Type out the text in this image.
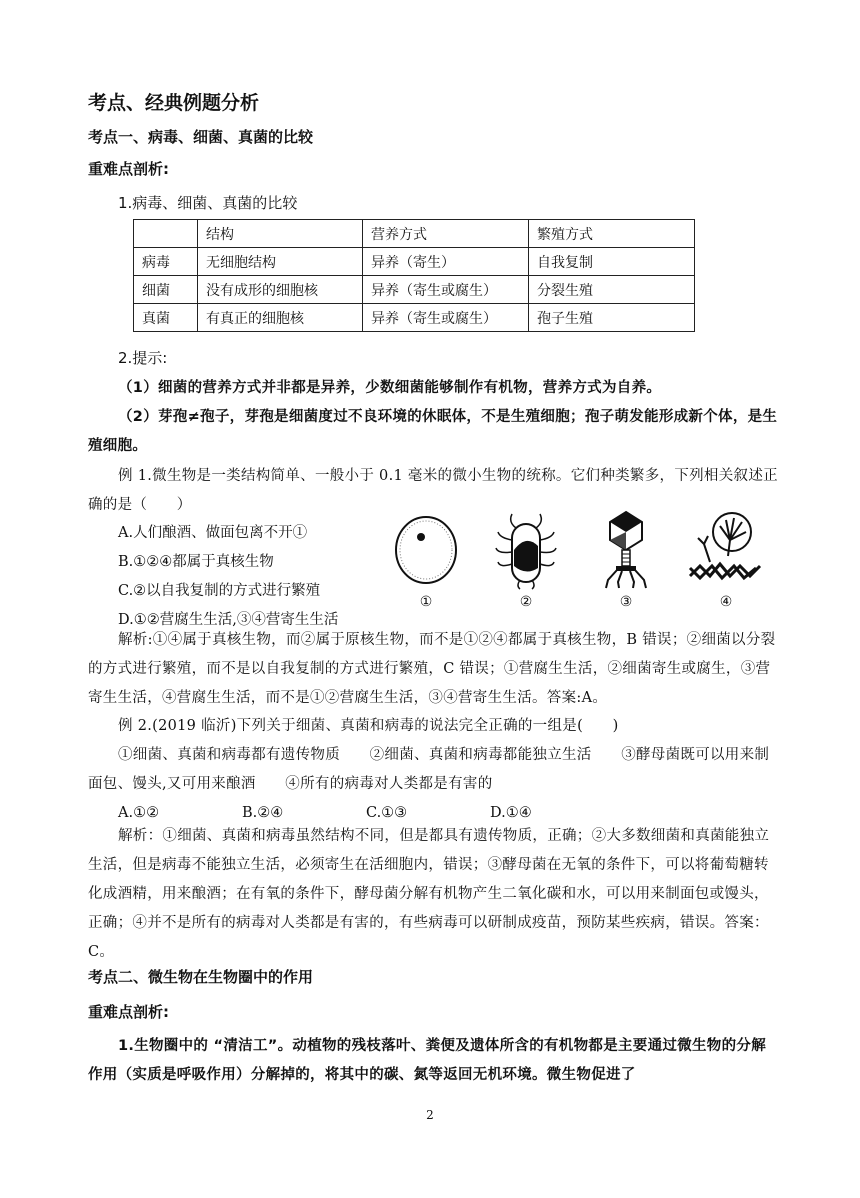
考点、经典例题分析
考点一、病毒、细菌、真菌的比较
重难点剖析:
1.病毒、细菌、真菌的比较
	结构	营养方式	繁殖方式
病毒	无细胞结构	异养（寄生）	自我复制
细菌	没有成形的细胞核	异养（寄生或腐生）	分裂生殖
真菌	有真正的细胞核	异养（寄生或腐生）	孢子生殖
2.提示:
（1）细菌的营养方式并非都是异养，少数细菌能够制作有机物，营养方式为自养。
（2）芽孢≠孢子，芽孢是细菌度过不良环境的休眠体，不是生殖细胞；孢子萌发能形成新个体，是生殖细胞。
例 1.微生物是一类结构简单、一般小于 0.1 毫米的微小生物的统称。它们种类繁多，下列相关叙述正确的是（　　）
A.人们酿酒、做面包离不开①
B.①②④都属于真核生物
C.②以自我复制的方式进行繁殖
D.①②营腐生生活,③④营寄生生活
①	②	③	④
解析:①④属于真核生物，而②属于原核生物，而不是①②④都属于真核生物，B 错误；②细菌以分裂的方式进行繁殖，而不是以自我复制的方式进行繁殖，C 错误；①营腐生生活，②细菌寄生或腐生，③营寄生生活，④营腐生生活，而不是①②营腐生生活，③④营寄生生活。答案:A。
例 2.(2019 临沂)下列关于细菌、真菌和病毒的说法完全正确的一组是(　　)
①细菌、真菌和病毒都有遗传物质　　②细菌、真菌和病毒都能独立生活　　③酵母菌既可以用来制面包、馒头,又可用来酿酒　　④所有的病毒对人类都是有害的
A.①②	B.②④	C.①③	D.①④
解析：①细菌、真菌和病毒虽然结构不同，但是都具有遗传物质，正确；②大多数细菌和真菌能独立生活，但是病毒不能独立生活，必须寄生在活细胞内，错误；③酵母菌在无氧的条件下，可以将葡萄糖转化成酒精，用来酿酒；在有氧的条件下，酵母菌分解有机物产生二氧化碳和水，可以用来制面包或馒头，正确；④并不是所有的病毒对人类都是有害的，有些病毒可以研制成疫苗，预防某些疾病，错误。答案：C。
考点二、微生物在生物圈中的作用
重难点剖析:
1.生物圈中的 “清洁工”。动植物的残枝落叶、粪便及遗体所含的有机物都是主要通过微生物的分解作用（实质是呼吸作用）分解掉的，将其中的碳、氮等返回无机环境。微生物促进了
2
